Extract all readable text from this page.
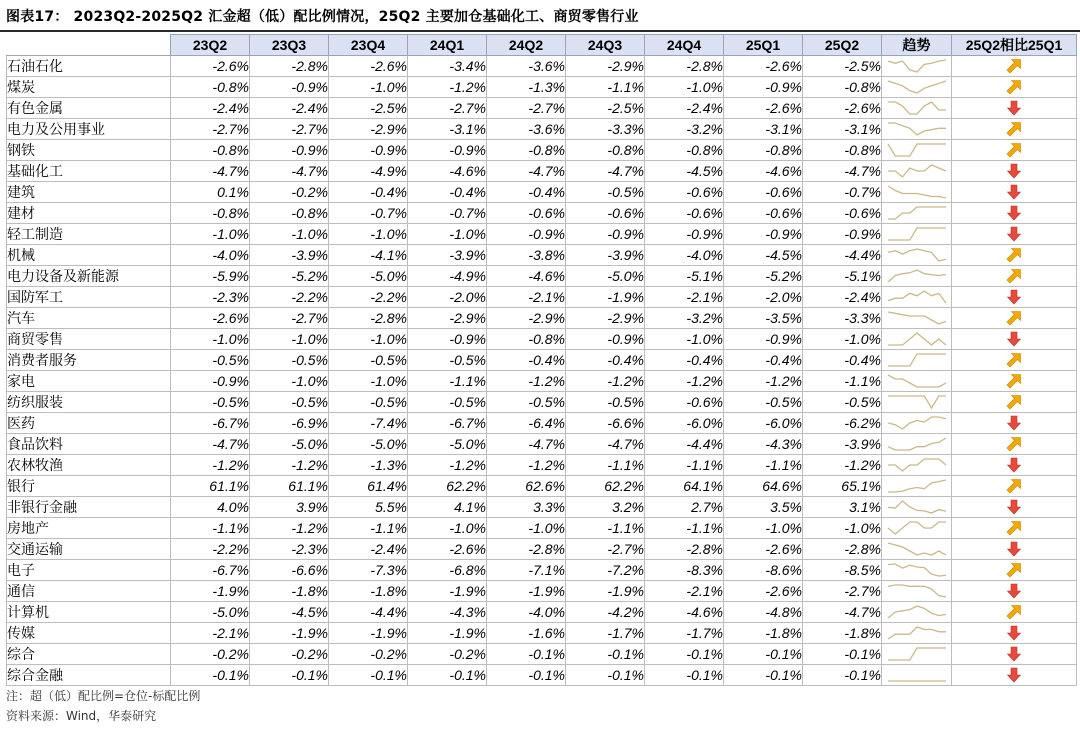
图表17： 2023Q2-2025Q2 汇金超（低）配比例情况，25Q2 主要加仓基础化工、商贸零售行业
	23Q2	23Q3	23Q4	24Q1	24Q2	24Q3	24Q4	25Q1	25Q2	趋势	25Q2相比25Q1
石油石化	-2.6%	-2.8%	-2.6%	-3.4%	-3.6%	-2.9%	-2.8%	-2.6%	-2.5%	

煤炭	-0.8%	-0.9%	-1.0%	-1.2%	-1.3%	-1.1%	-1.0%	-0.9%	-0.8%	

有色金属	-2.4%	-2.4%	-2.5%	-2.7%	-2.7%	-2.5%	-2.4%	-2.6%	-2.6%	

电力及公用事业	-2.7%	-2.7%	-2.9%	-3.1%	-3.6%	-3.3%	-3.2%	-3.1%	-3.1%	

钢铁	-0.8%	-0.9%	-0.9%	-0.9%	-0.8%	-0.8%	-0.8%	-0.8%	-0.8%	

基础化工	-4.7%	-4.7%	-4.9%	-4.6%	-4.7%	-4.7%	-4.5%	-4.6%	-4.7%	

建筑	0.1%	-0.2%	-0.4%	-0.4%	-0.4%	-0.5%	-0.6%	-0.6%	-0.7%	

建材	-0.8%	-0.8%	-0.7%	-0.7%	-0.6%	-0.6%	-0.6%	-0.6%	-0.6%	

轻工制造	-1.0%	-1.0%	-1.0%	-1.0%	-0.9%	-0.9%	-0.9%	-0.9%	-0.9%	

机械	-4.0%	-3.9%	-4.1%	-3.9%	-3.8%	-3.9%	-4.0%	-4.5%	-4.4%	

电力设备及新能源	-5.9%	-5.2%	-5.0%	-4.9%	-4.6%	-5.0%	-5.1%	-5.2%	-5.1%	

国防军工	-2.3%	-2.2%	-2.2%	-2.0%	-2.1%	-1.9%	-2.1%	-2.0%	-2.4%	

汽车	-2.6%	-2.7%	-2.8%	-2.9%	-2.9%	-2.9%	-3.2%	-3.5%	-3.3%	

商贸零售	-1.0%	-1.0%	-1.0%	-0.9%	-0.8%	-0.9%	-1.0%	-0.9%	-1.0%	

消费者服务	-0.5%	-0.5%	-0.5%	-0.5%	-0.4%	-0.4%	-0.4%	-0.4%	-0.4%	

家电	-0.9%	-1.0%	-1.0%	-1.1%	-1.2%	-1.2%	-1.2%	-1.2%	-1.1%	

纺织服装	-0.5%	-0.5%	-0.5%	-0.5%	-0.5%	-0.5%	-0.6%	-0.5%	-0.5%	

医药	-6.7%	-6.9%	-7.4%	-6.7%	-6.4%	-6.6%	-6.0%	-6.0%	-6.2%	

食品饮料	-4.7%	-5.0%	-5.0%	-5.0%	-4.7%	-4.7%	-4.4%	-4.3%	-3.9%	

农林牧渔	-1.2%	-1.2%	-1.3%	-1.2%	-1.2%	-1.1%	-1.1%	-1.1%	-1.2%	

银行	61.1%	61.1%	61.4%	62.2%	62.6%	62.2%	64.1%	64.6%	65.1%	

非银行金融	4.0%	3.9%	5.5%	4.1%	3.3%	3.2%	2.7%	3.5%	3.1%	

房地产	-1.1%	-1.2%	-1.1%	-1.0%	-1.0%	-1.1%	-1.1%	-1.0%	-1.0%	

交通运输	-2.2%	-2.3%	-2.4%	-2.6%	-2.8%	-2.7%	-2.8%	-2.6%	-2.8%	

电子	-6.7%	-6.6%	-7.3%	-6.8%	-7.1%	-7.2%	-8.3%	-8.6%	-8.5%	

通信	-1.9%	-1.8%	-1.8%	-1.9%	-1.9%	-1.9%	-2.1%	-2.6%	-2.7%	

计算机	-5.0%	-4.5%	-4.4%	-4.3%	-4.0%	-4.2%	-4.6%	-4.8%	-4.7%	

传媒	-2.1%	-1.9%	-1.9%	-1.9%	-1.6%	-1.7%	-1.7%	-1.8%	-1.8%	

综合	-0.2%	-0.2%	-0.2%	-0.2%	-0.1%	-0.1%	-0.1%	-0.1%	-0.1%	

综合金融	-0.1%	-0.1%	-0.1%	-0.1%	-0.1%	-0.1%	-0.1%	-0.1%	-0.1%	

注：超（低）配比例=仓位-标配比例
资料来源：Wind，华泰研究
